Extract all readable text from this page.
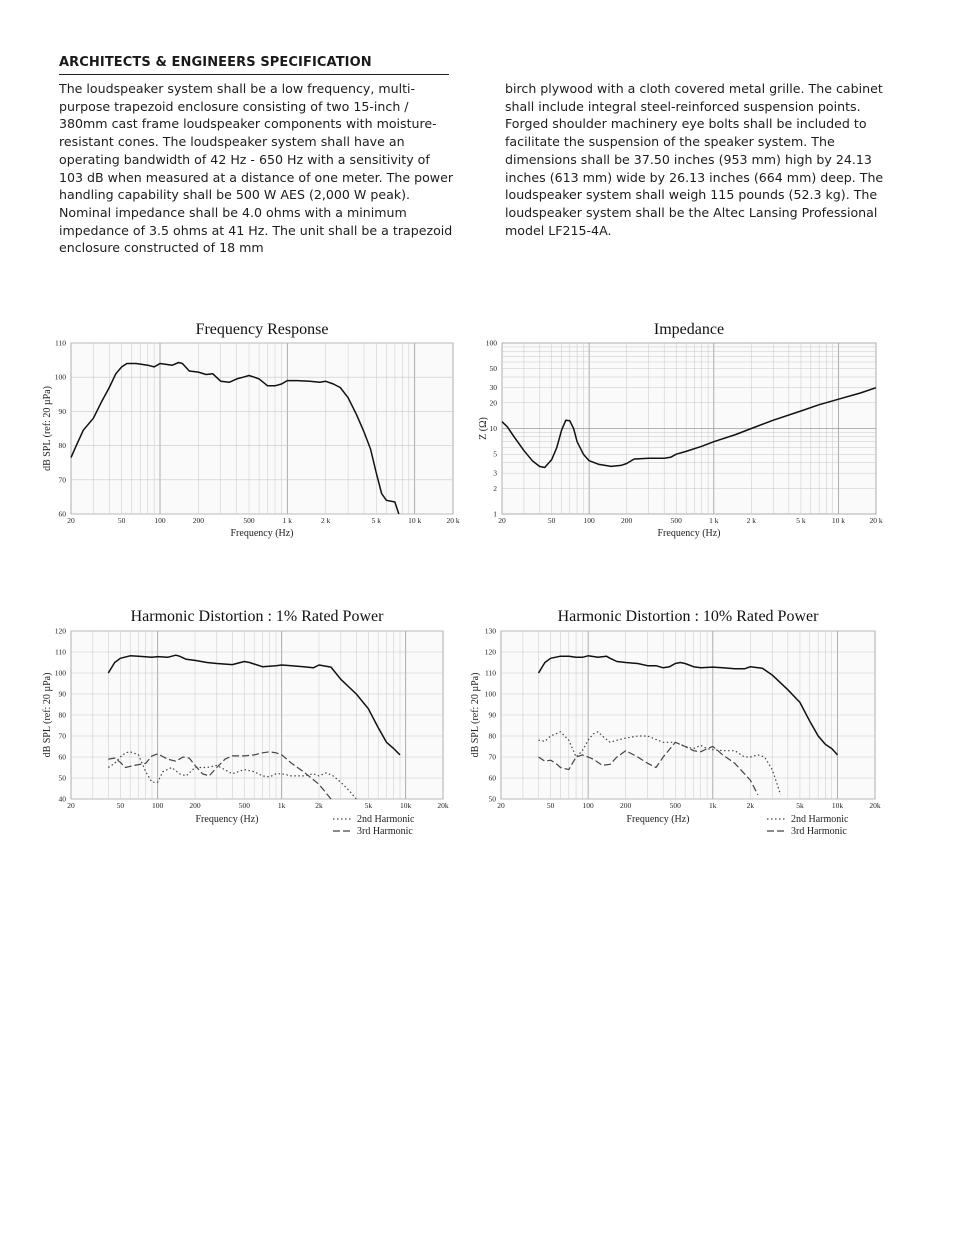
ARCHITECTS & ENGINEERS SPECIFICATION
The loudspeaker system shall be a low frequency, multi-purpose trapezoid enclosure consisting of two 15-inch / 380mm cast frame loudspeaker components with moisture-resistant cones. The loudspeaker system shall have an operating bandwidth of 42 Hz - 650 Hz with a sensitivity of 103 dB when measured at a distance of one meter. The power handling capability shall be 500 W AES (2,000 W peak). Nominal impedance shall be 4.0 ohms with a minimum impedance of 3.5 ohms at 41 Hz. The unit shall be a trapezoid enclosure constructed of 18 mm
birch plywood with a cloth covered metal grille. The cabinet shall include integral steel-reinforced suspension points. Forged shoulder machinery eye bolts shall be included to facilitate the suspension of the speaker system. The dimensions shall be 37.50 inches (953 mm) high by 24.13 inches (613 mm) wide by 26.13 inches (664 mm) deep. The loudspeaker system shall weigh 115 pounds (52.3 kg). The loudspeaker system shall be the Altec Lansing Professional model LF215-4A.
20	50	100	200	500	1 k	2 k	5 k	10 k	20 k
60
70
80
90
100
110
Frequency Response
Frequency (Hz)
dB SPL (ref: 20 µPa)
20	50	100	200	500	1 k	2 k	5 k	10 k	20 k
1
2
3
5
10
20
30
50
100
Impedance
Frequency (Hz)
Z (Ω)
20	50	100	200	500	1k	2k	5k	10k	20k
40
50
60
70
80
90
100
110
120
Harmonic Distortion : 1% Rated Power
Frequency (Hz)
dB SPL (ref: 20 µPa)
2nd Harmonic
3rd Harmonic
20	50	100	200	500	1k	2k	5k	10k	20k
50
60
70
80
90
100
110
120
130
Harmonic Distortion : 10% Rated Power
Frequency (Hz)
dB SPL (ref: 20 µPa)
2nd Harmonic
3rd Harmonic
